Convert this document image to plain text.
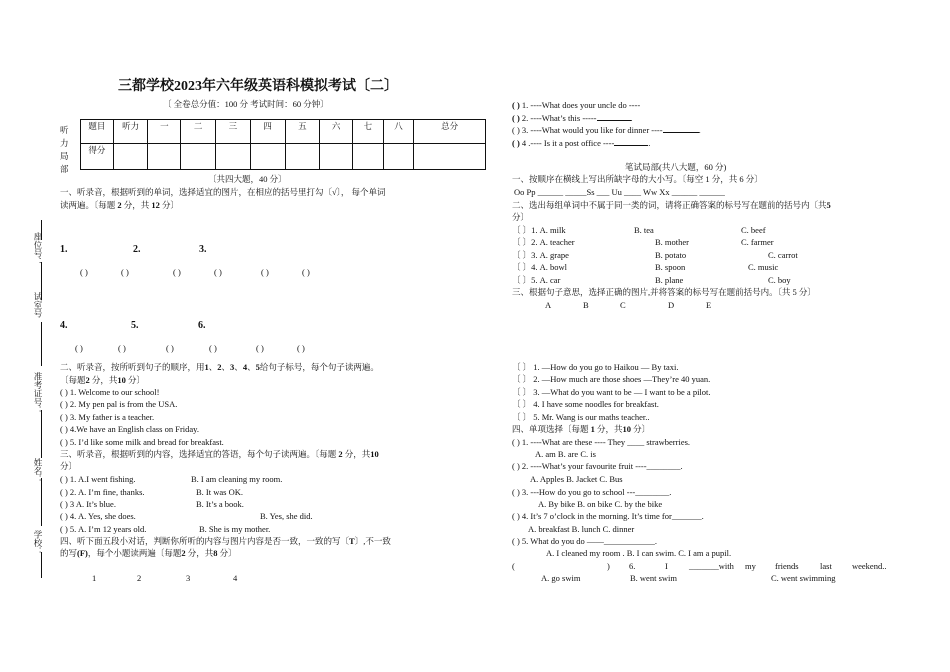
座位号：
试室号
准考证号：
姓名：
学校：
三都学校2023年六年级英语科模拟考试〔二〕
〔 全卷总分值：100 分 考试时间：60 分钟〕
听力局部
题目	听力	一	二	三	四	五	六	七	八	总分
得分										
〔共四大题，40 分〕
一、听录音，根据听到的单词，选择适宜的图片，在相应的括号里打勾〔√〕， 每个单词
读两遍。〔每题 2 分，共 12 分〕
1.	2.	3.
( )	( )	( )	( )	( )	( )
4.	5.	6.
( )	( )	( )	( )	( )	( )
二、听录音，按所听到句子的顺序，用1、2、3、4、5给句子标号，每个句子读两遍。
〔每题2 分，共10 分〕
( ) 1. Welcome to our school!
( ) 2. My pen pal is from the USA.
( ) 3. My father is a teacher.
( ) 4.We have an English class on Friday.
( ) 5. I’d like some milk and bread for breakfast.
三、听录音，根据听到的内容，选择适宜的答语，每个句子读两遍。〔每题 2 分，共10
分〕
( ) 1. A.I went fishing.	B. I am cleaning my room.
( ) 2. A. I’m fine, thanks.	B. It was OK.
( ) 3 A. It’s blue.	B. It’s a book.
( ) 4. A. Yes, she does.	B. Yes, she did.
( ) 5. A. I’m 12 years old.	B. She is my mother.
四、听下面五段小对话，判断你所听的内容与图片内容是否一致，一致的写〔T〕,不一致
的写(F)，每个小题读两遍〔每题2 分，共8 分〕
1	2	3	4
( ) 1. ----What does your uncle do ----
( ) 2. ----What’s this -----	.
( ) 3. ----What would you like for dinner ----	.
( ) 4 .---- Is it a post office ----	.
笔试局部(共八大题，60 分)
一、按顺序在横线上写出所缺字母的大小写。〔每空 1 分，共 6 分〕
Oo Pp ______ _____Ss ___ Uu ____ Ww Xx ______ ______
二、选出每组单词中不属于同一类的词，请将正确答案的标号写在题前的括号内〔共5
分〕
〔 〕1. A. milk	B. tea	C. beef
〔 〕2. A. teacher	B. mother	C. farmer
〔 〕3. A. grape	B. potato	C. carrot
〔 〕4. A. bowl	B. spoon	C. music
〔 〕5. A. car	B. plane	C. boy
三、根据句子意思，选择正确的图片,并将答案的标号写在题前括号内。〔共 5 分〕
A	B	C	D	E
〔 〕 1. —How do you go to Haikou — By taxi.
〔 〕 2. —How much are those shoes —They’re 40 yuan.
〔 〕 3. —What do you want to be — I want to be a pilot.
〔 〕 4. I have some noodles for breakfast.
〔 〕 5. Mr. Wang is our maths teacher..
四、单项选择〔每题 1 分，共10 分〕
( ) 1. ----What are these ---- They ____ strawberries.
A. am B. are C. is
( ) 2. ----What’s your favourite fruit ----________.
A. Apples B. Jacket C. Bus
( ) 3. ---How do you go to school ---________.
A. By bike B. on bike C. by the bike
( ) 4. It’s 7 o’clock in the morning. It’s time for_______.
A. breakfast B. lunch C. dinner
( ) 5. What do you do ——____________.
A. I cleaned my room . B. I can swim. C. I am a pupil.
(	) 6.	I _______with my friends	last weekend..
A. go swim	B. went swim	C. went swimming
